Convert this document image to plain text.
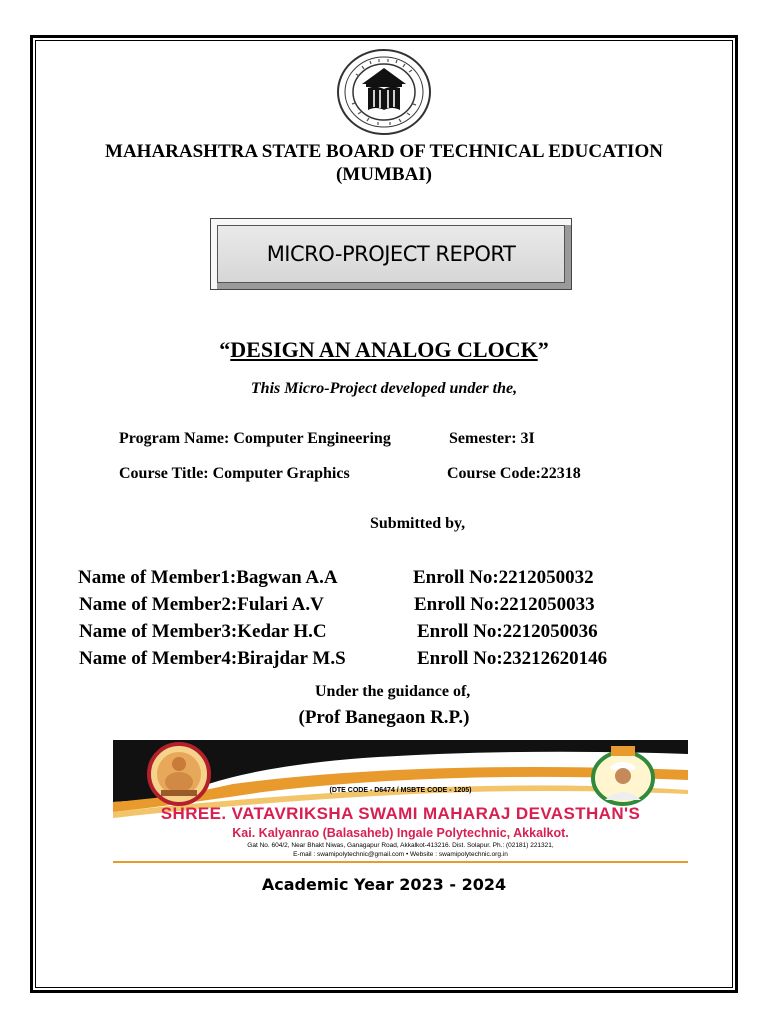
MAHARASHTRA STATE BOARD OF TECHNICAL EDUCATION
(MUMBAI)
MICRO-PROJECT REPORT
“DESIGN AN ANALOG CLOCK”
This Micro-Project developed under the,
Program Name: Computer Engineering	Semester: 3I
Course Title: Computer Graphics	Course Code:22318
Submitted by,
Name of Member1:Bagwan A.A	Enroll No:2212050032
Name of Member2:Fulari A.V	Enroll No:2212050033
Name of Member3:Kedar H.C	Enroll No:2212050036
Name of Member4:Birajdar M.S	Enroll No:23212620146
Under the guidance of,
(Prof Banegaon R.P.)
(DTE CODE - D6474 / MSBTE CODE - 1205)
SHREE. VATAVRIKSHA SWAMI MAHARAJ DEVASTHAN'S
Kai. Kalyanrao (Balasaheb) Ingale Polytechnic, Akkalkot.
Gat No. 604/2, Near Bhakt Niwas, Ganagapur Road, Akkalkot-413216. Dist. Solapur. Ph.: (02181) 221321,
E-mail : swamipolytechnic@gmail.com • Website : swamipolytechnic.org.in
Academic Year 2023 - 2024
